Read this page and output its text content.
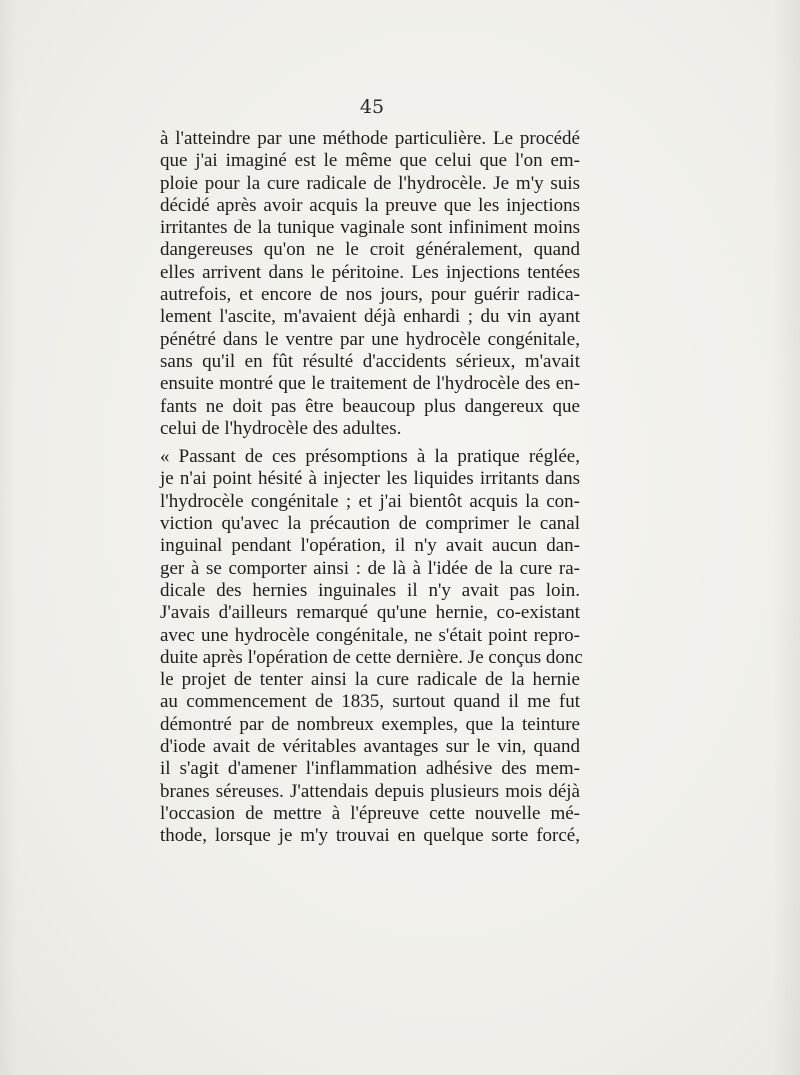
45
à l'atteindre par une méthode particulière. Le procédé
que j'ai imaginé est le même que celui que l'on em-
ploie pour la cure radicale de l'hydrocèle. Je m'y suis
décidé après avoir acquis la preuve que les injections
irritantes de la tunique vaginale sont infiniment moins
dangereuses qu'on ne le croit généralement, quand
elles arrivent dans le péritoine. Les injections tentées
autrefois, et encore de nos jours, pour guérir radica-
lement l'ascite, m'avaient déjà enhardi ; du vin ayant
pénétré dans le ventre par une hydrocèle congénitale,
sans qu'il en fût résulté d'accidents sérieux, m'avait
ensuite montré que le traitement de l'hydrocèle des en-
fants ne doit pas être beaucoup plus dangereux que
celui de l'hydrocèle des adultes.
« Passant de ces présomptions à la pratique réglée,
je n'ai point hésité à injecter les liquides irritants dans
l'hydrocèle congénitale ; et j'ai bientôt acquis la con-
viction qu'avec la précaution de comprimer le canal
inguinal pendant l'opération, il n'y avait aucun dan-
ger à se comporter ainsi : de là à l'idée de la cure ra-
dicale des hernies inguinales il n'y avait pas loin.
J'avais d'ailleurs remarqué qu'une hernie, co-existant
avec une hydrocèle congénitale, ne s'était point repro-
duite après l'opération de cette dernière. Je conçus donc
le projet de tenter ainsi la cure radicale de la hernie
au commencement de 1835, surtout quand il me fut
démontré par de nombreux exemples, que la teinture
d'iode avait de véritables avantages sur le vin, quand
il s'agit d'amener l'inflammation adhésive des mem-
branes séreuses. J'attendais depuis plusieurs mois déjà
l'occasion de mettre à l'épreuve cette nouvelle mé-
thode, lorsque je m'y trouvai en quelque sorte forcé,
